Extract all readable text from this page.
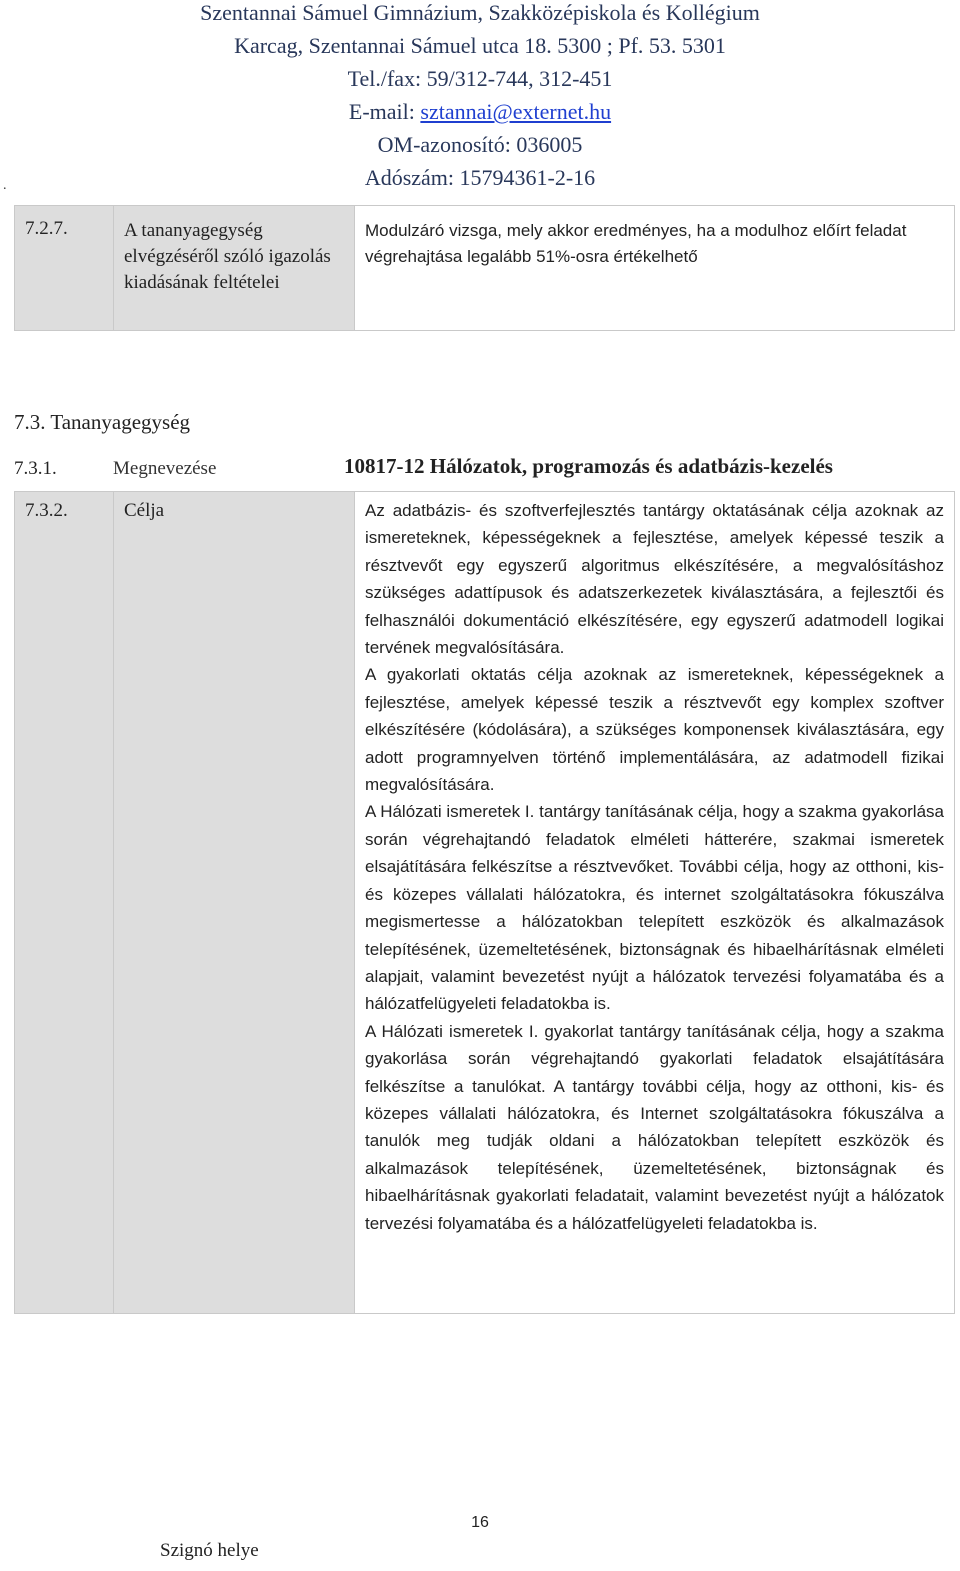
Szentannai Sámuel Gimnázium, Szakközépiskola és Kollégium
Karcag, Szentannai Sámuel utca 18. 5300 ; Pf. 53. 5301
Tel./fax: 59/312-744, 312-451
E-mail: sztannai@externet.hu
OM-azonosító: 036005
Adószám: 15794361-2-16
.
7.2.7.	A tananyagegység elvégzéséről szóló igazolás kiadásának feltételei	Modulzáró vizsga, mely akkor eredményes, ha a modulhoz előírt feladat végrehajtása legalább 51%-osra értékelhető
7.3. Tananyagegység
7.3.1.	Megnevezése	10817-12 Hálózatok, programozás és adatbázis-kezelés
7.3.2.	Célja	Az adatbázis- és szoftverfejlesztés tantárgy oktatásának célja azoknak az ismereteknek, képességeknek a fejlesztése, amelyek képessé teszik a résztvevőt egy egyszerű algoritmus elkészítésére, a megvalósításhoz szükséges adattípusok és adatszerkezetek kiválasztására, a fejlesztői és felhasználói dokumentáció elkészítésére, egy egyszerű adatmodell logikai tervének megvalósítására.

A gyakorlati oktatás célja azoknak az ismereteknek, képességeknek a fejlesztése, amelyek képessé teszik a résztvevőt egy komplex szoftver elkészítésére (kódolására), a szükséges komponensek kiválasztására, egy adott programnyelven történő implementálására, az adatmodell fizikai megvalósítására.

A Hálózati ismeretek I. tantárgy tanításának célja, hogy a szakma gyakorlása során végrehajtandó feladatok elméleti hátterére, szakmai ismeretek elsajátítására felkészítse a résztvevőket. További célja, hogy az otthoni, kis- és közepes vállalati hálózatokra, és internet szolgáltatásokra fókuszálva megismertesse a hálózatokban telepített eszközök és alkalmazások telepítésének, üzemeltetésének, biztonságnak és hibaelhárításnak elméleti alapjait, valamint bevezetést nyújt a hálózatok tervezési folyamatába és a hálózatfelügyeleti feladatokba is.

A Hálózati ismeretek I. gyakorlat tantárgy tanításának célja, hogy a szakma gyakorlása során végrehajtandó gyakorlati feladatok elsajátítására felkészítse a tanulókat. A tantárgy további célja, hogy az otthoni, kis- és közepes vállalati hálózatokra, és Internet szolgáltatásokra fókuszálva a tanulók meg tudják oldani a hálózatokban telepített eszközök és alkalmazások telepítésének, üzemeltetésének, biztonságnak és hibaelhárításnak gyakorlati feladatait, valamint bevezetést nyújt a hálózatok tervezési folyamatába és a hálózatfelügyeleti feladatokba is.

16
Szignó helye
